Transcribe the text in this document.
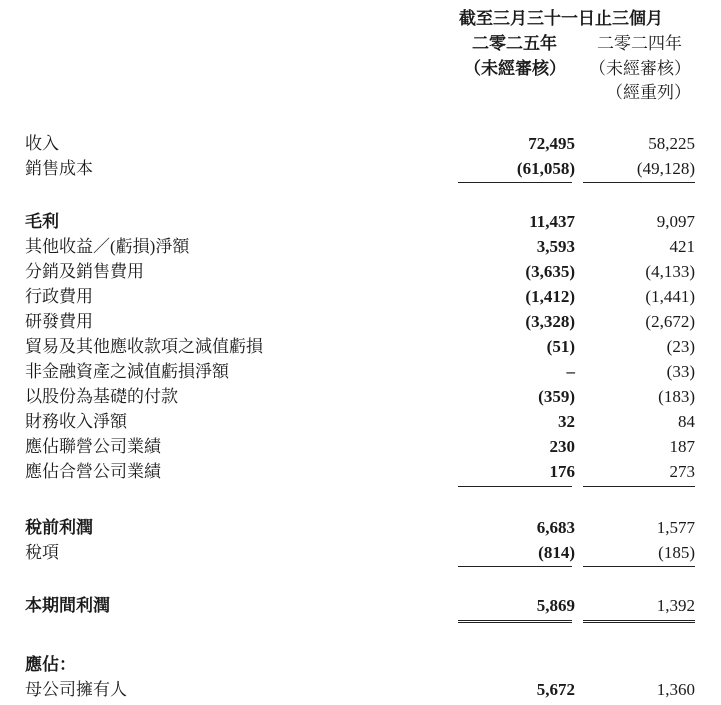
截至三月三十一日止三個月
二零二五年
（未經審核）
二零二四年
（未經審核）
（經重列）
收入	72,495	58,225
銷售成本	(61,058)	(49,128)
毛利	11,437	9,097
其他收益／(虧損)淨額	3,593	421
分銷及銷售費用	(3,635)	(4,133)
行政費用	(1,412)	(1,441)
研發費用	(3,328)	(2,672)
貿易及其他應收款項之減值虧損	(51)	(23)
非金融資產之減值虧損淨額	–	(33)
以股份為基礎的付款	(359)	(183)
財務收入淨額	32	84
應佔聯營公司業績	230	187
應佔合營公司業績	176	273
稅前利潤	6,683	1,577
稅項	(814)	(185)
本期間利潤	5,869	1,392
應佔：
母公司擁有人	5,672	1,360
